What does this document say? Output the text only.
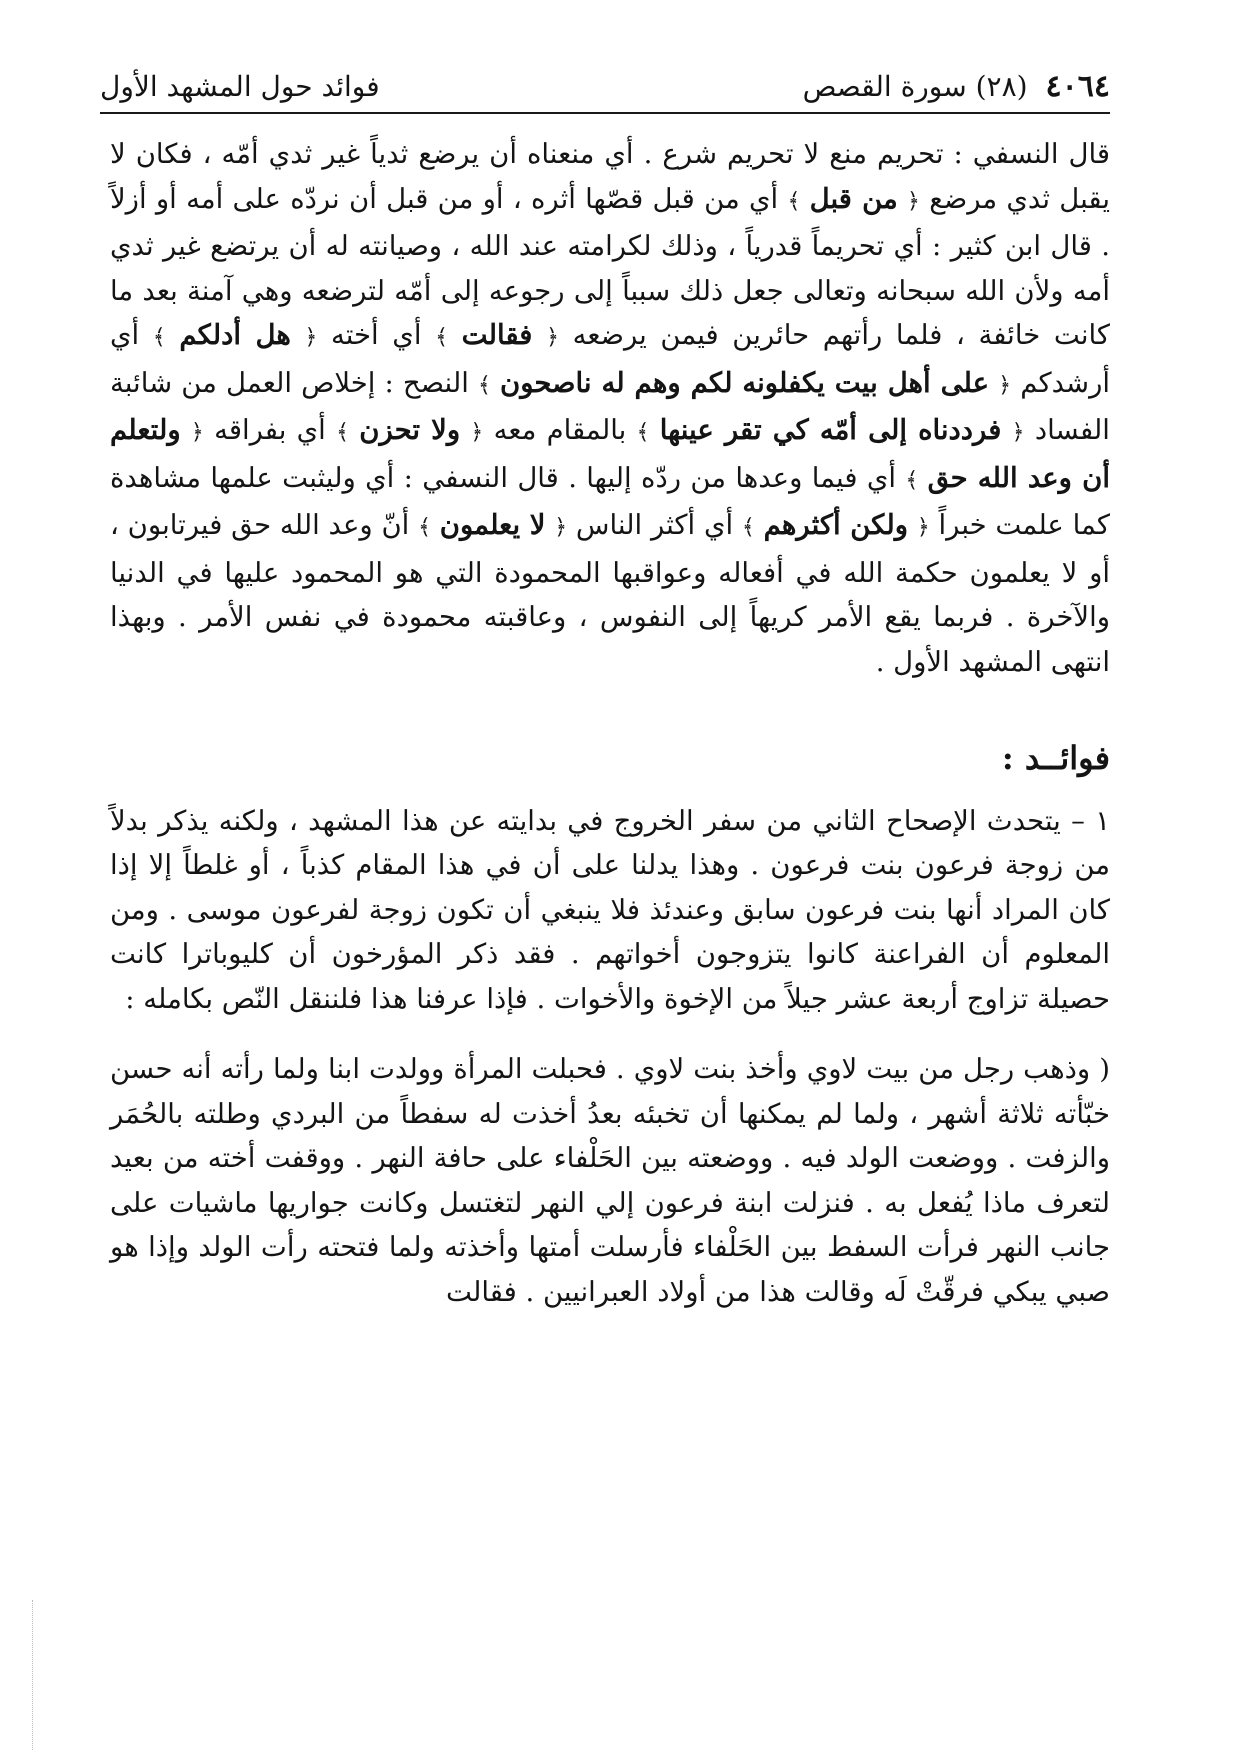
٤٠٦٤
(٢٨) سورة القصص
فوائد حول المشهد الأول

قال النسفي : تحريم منع لا تحريم شرع . أي منعناه أن يرضع ثدياً غير ثدي أمّه ، فكان لا يقبل ثدي مرضع ﴿ من قبل ﴾ أي من قبل قصّها أثره ، أو من قبل أن نردّه على أمه أو أزلاً . قال ابن كثير : أي تحريماً قدرياً ، وذلك لكرامته عند الله ، وصيانته له أن يرتضع غير ثدي أمه ولأن الله سبحانه وتعالى جعل ذلك سبباً إلى رجوعه إلى أمّه لترضعه وهي آمنة بعد ما كانت خائفة ، فلما رأتهم حائرين فيمن يرضعه ﴿ فقالت ﴾ أي أخته ﴿ هل أدلكم ﴾ أي أرشدكم ﴿ على أهل بيت يكفلونه لكم وهم له ناصحون ﴾ النصح : إخلاص العمل من شائبة الفساد ﴿ فرددناه إلى أمّه كي تقر عينها ﴾ بالمقام معه ﴿ ولا تحزن ﴾ أي بفراقه ﴿ ولتعلم أن وعد الله حق ﴾ أي فيما وعدها من ردّه إليها . قال النسفي : أي وليثبت علمها مشاهدة كما علمت خبراً ﴿ ولكن أكثرهم ﴾ أي أكثر الناس ﴿ لا يعلمون ﴾ أنّ وعد الله حق فيرتابون ، أو لا يعلمون حكمة الله في أفعاله وعواقبها المحمودة التي هو المحمود عليها في الدنيا والآخرة . فربما يقع الأمر كريهاً إلى النفوس ، وعاقبته محمودة في نفس الأمر . وبهذا انتهى المشهد الأول .

فوائــد :

١ – يتحدث الإصحاح الثاني من سفر الخروج في بدايته عن هذا المشهد ، ولكنه يذكر بدلاً من زوجة فرعون بنت فرعون . وهذا يدلنا على أن في هذا المقام كذباً ، أو غلطاً إلا إذا كان المراد أنها بنت فرعون سابق وعندئذ فلا ينبغي أن تكون زوجة لفرعون موسى . ومن المعلوم أن الفراعنة كانوا يتزوجون أخواتهم . فقد ذكر المؤرخون أن كليوباترا كانت حصيلة تزاوج أربعة عشر جيلاً من الإخوة والأخوات . فإذا عرفنا هذا فلننقل النّص بكامله :

( وذهب رجل من بيت لاوي وأخذ بنت لاوي . فحبلت المرأة وولدت ابنا ولما رأته أنه حسن خبّأته ثلاثة أشهر ، ولما لم يمكنها أن تخبئه بعدُ أخذت له سفطاً من البردي وطلته بالحُمَر والزفت . ووضعت الولد فيه . ووضعته بين الحَلْفاء على حافة النهر . ووقفت أخته من بعيد لتعرف ماذا يُفعل به . فنزلت ابنة فرعون إلي النهر لتغتسل وكانت جواريها ماشيات على جانب النهر فرأت السفط بين الحَلْفاء فأرسلت أمتها وأخذته ولما فتحته رأت الولد وإذا هو صبي يبكي فرقّتْ لَه وقالت هذا من أولاد العبرانيين . فقالت
